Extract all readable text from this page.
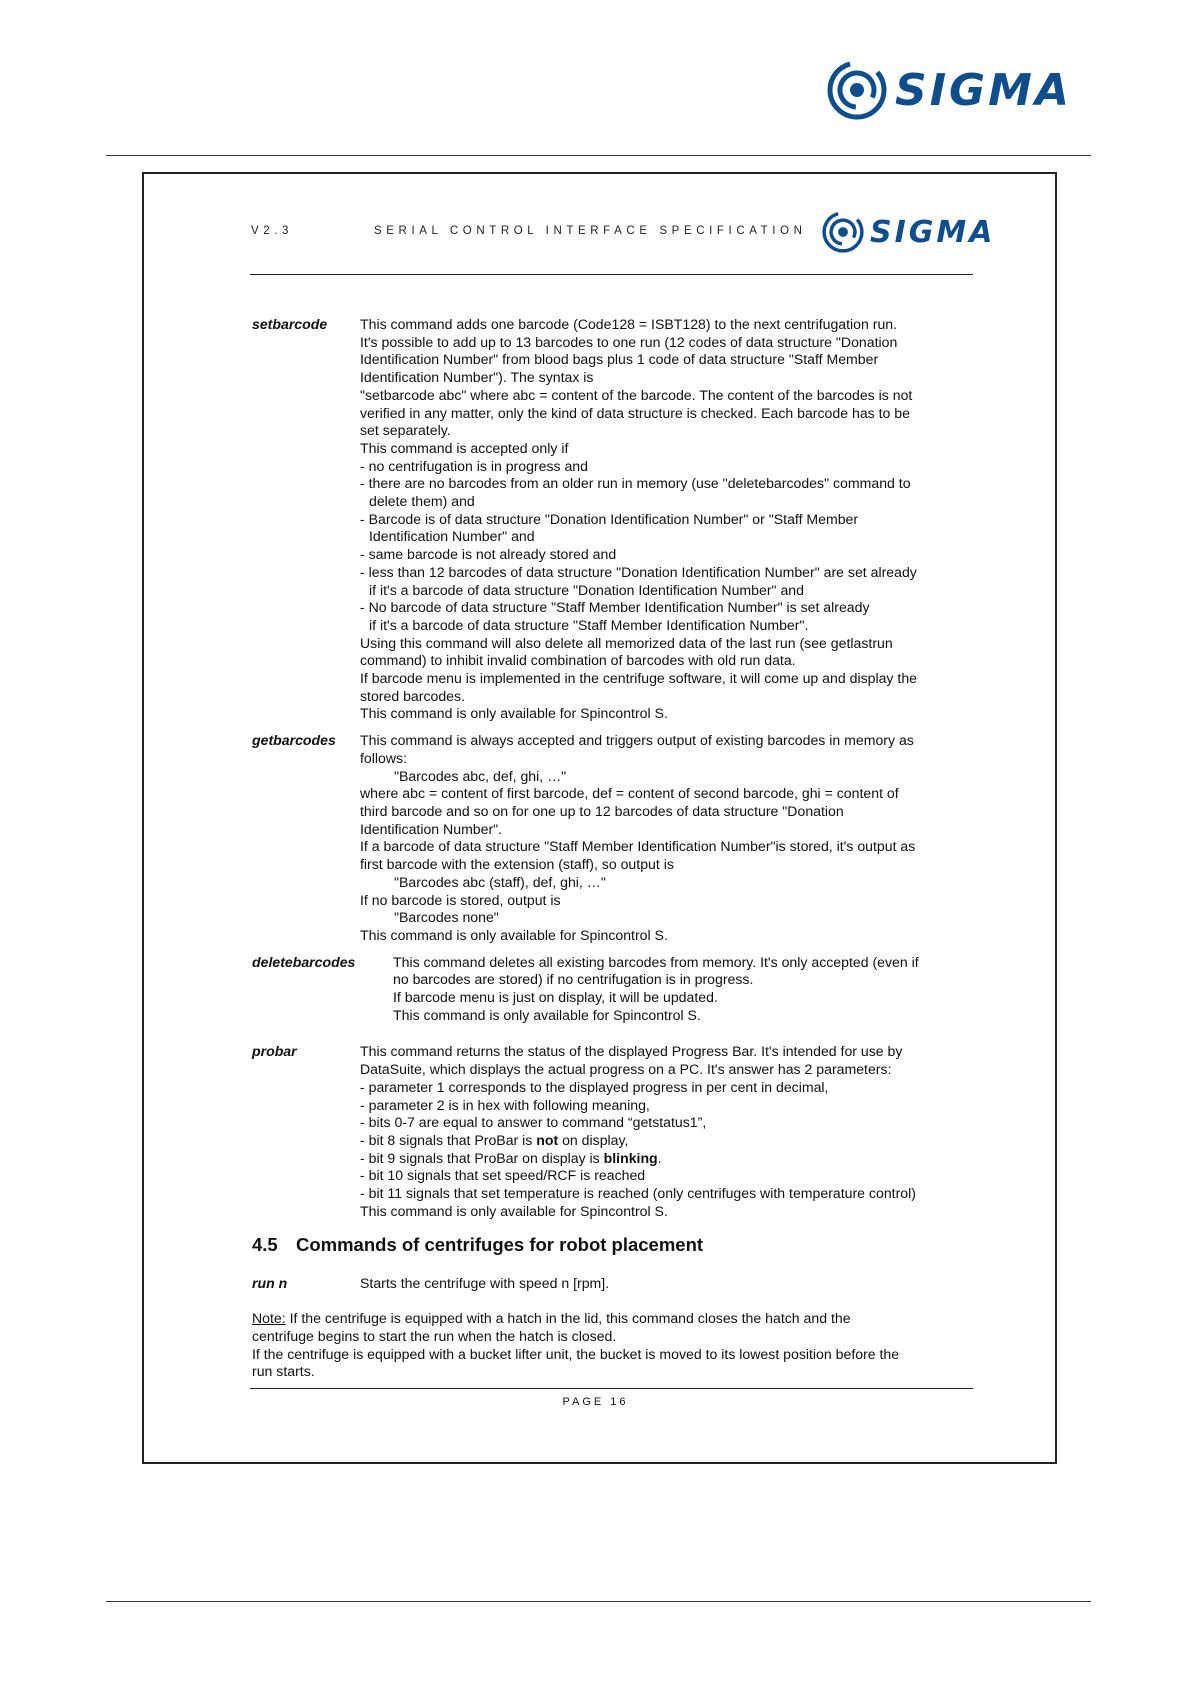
SIGMA
V2.3	SERIAL CONTROL INTERFACE SPECIFICATION SIGMA
setbarcode	This command adds one barcode (Code128 = ISBT128) to the next centrifugation run.
It's possible to add up to 13 barcodes to one run (12 codes of data structure "Donation
Identification Number" from blood bags plus 1 code of data structure "Staff Member
Identification Number"). The syntax is
"setbarcode abc" where abc = content of the barcode. The content of the barcodes is not
verified in any matter, only the kind of data structure is checked. Each barcode has to be
set separately.
This command is accepted only if
- no centrifugation is in progress and
- there are no barcodes from an older run in memory (use "deletebarcodes" command to
delete them) and
- Barcode is of data structure "Donation Identification Number" or "Staff Member
Identification Number" and
- same barcode is not already stored and
- less than 12 barcodes of data structure "Donation Identification Number" are set already
if it's a barcode of data structure "Donation Identification Number" and
- No barcode of data structure "Staff Member Identification Number" is set already
if it's a barcode of data structure "Staff Member Identification Number".
Using this command will also delete all memorized data of the last run (see getlastrun
command) to inhibit invalid combination of barcodes with old run data.
If barcode menu is implemented in the centrifuge software, it will come up and display the
stored barcodes.
This command is only available for Spincontrol S.
getbarcodes	This command is always accepted and triggers output of existing barcodes in memory as
follows:
"Barcodes abc, def, ghi, …"
where abc = content of first barcode, def = content of second barcode, ghi = content of
third barcode and so on for one up to 12 barcodes of data structure "Donation
Identification Number".
If a barcode of data structure "Staff Member Identification Number"is stored, it's output as
first barcode with the extension (staff), so output is
"Barcodes abc (staff), def, ghi, …"
If no barcode is stored, output is
"Barcodes none"
This command is only available for Spincontrol S.
deletebarcodes	This command deletes all existing barcodes from memory. It's only accepted (even if
no barcodes are stored) if no centrifugation is in progress.
If barcode menu is just on display, it will be updated.
This command is only available for Spincontrol S.
probar	This command returns the status of the displayed Progress Bar. It's intended for use by
DataSuite, which displays the actual progress on a PC. It's answer has 2 parameters:
- parameter 1 corresponds to the displayed progress in per cent in decimal,
- parameter 2 is in hex with following meaning,
- bits 0-7 are equal to answer to command “getstatus1”,
- bit 8 signals that ProBar is not on display,
- bit 9 signals that ProBar on display is blinking.
- bit 10 signals that set speed/RCF is reached
- bit 11 signals that set temperature is reached (only centrifuges with temperature control)
This command is only available for Spincontrol S.
4.5 Commands of centrifuges for robot placement
run n	Starts the centrifuge with speed n [rpm].
Note: If the centrifuge is equipped with a hatch in the lid, this command closes the hatch and the
centrifuge begins to start the run when the hatch is closed.
If the centrifuge is equipped with a bucket lifter unit, the bucket is moved to its lowest position before the
run starts.
PAGE 16
